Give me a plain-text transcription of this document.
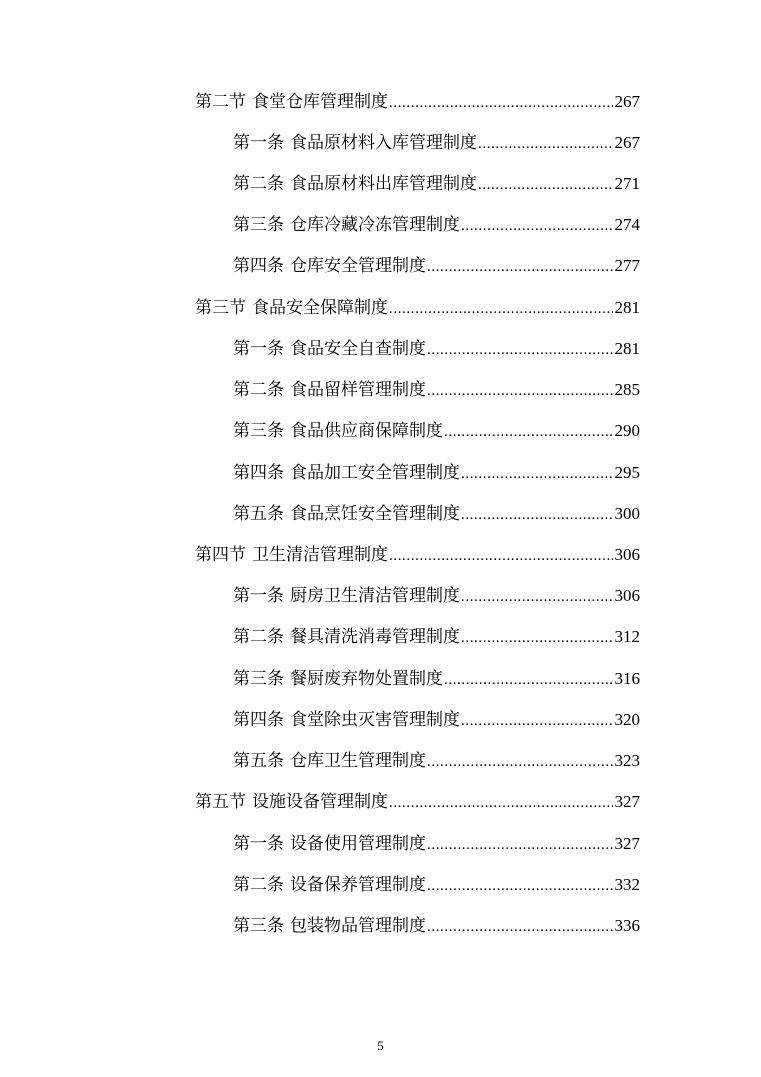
第二节 食堂仓库管理制度 .....	267
第一条 食品原材料入库管理制度 .....	267
第二条 食品原材料出库管理制度 .....	271
第三条 仓库冷藏冷冻管理制度 .....	274
第四条 仓库安全管理制度 .....	277
第三节 食品安全保障制度 .....	281
第一条 食品安全自查制度 .....	281
第二条 食品留样管理制度 .....	285
第三条 食品供应商保障制度 .....	290
第四条 食品加工安全管理制度 .....	295
第五条 食品烹饪安全管理制度 .....	300
第四节 卫生清洁管理制度 .....	306
第一条 厨房卫生清洁管理制度 .....	306
第二条 餐具清洗消毒管理制度 .....	312
第三条 餐厨废弃物处置制度 .....	316
第四条 食堂除虫灭害管理制度 .....	320
第五条 仓库卫生管理制度 .....	323
第五节 设施设备管理制度 .....	327
第一条 设备使用管理制度 .....	327
第二条 设备保养管理制度 .....	332
第三条 包装物品管理制度 .....	336
5
